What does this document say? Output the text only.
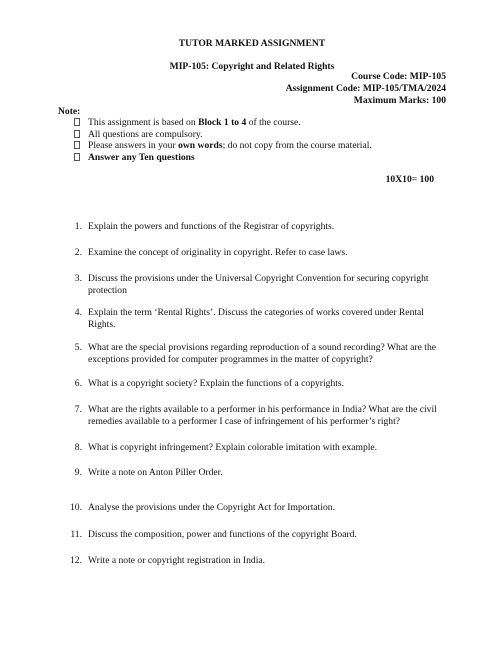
TUTOR MARKED ASSIGNMENT
MIP-105: Copyright and Related Rights
Course Code: MIP-105
Assignment Code: MIP-105/TMA/2024
Maximum Marks: 100
Note:
This assignment is based on Block 1 to 4 of the course.
All questions are compulsory.
Please answers in your own words; do not copy from the course material.
Answer any Ten questions
10X10= 100
1. Explain the powers and functions of the Registrar of copyrights.
2. Examine the concept of originality in copyright. Refer to case laws.
3. Discuss the provisions under the Universal Copyright Convention for securing copyright protection
4. Explain the term ‘Rental Rights’. Discuss the categories of works covered under Rental Rights.
5. What are the special provisions regarding reproduction of a sound recording? What are the exceptions provided for computer programmes in the matter of copyright?
6. What is a copyright society? Explain the functions of a copyrights.
7. What are the rights available to a performer in his performance in India? What are the civil remedies available to a performer I case of infringement of his performer’s right?
8. What is copyright infringement? Explain colorable imitation with example.
9. Write a note on Anton Piller Order.
10. Analyse the provisions under the Copyright Act for Importation.
11. Discuss the composition, power and functions of the copyright Board.
12. Write a note or copyright registration in India.
